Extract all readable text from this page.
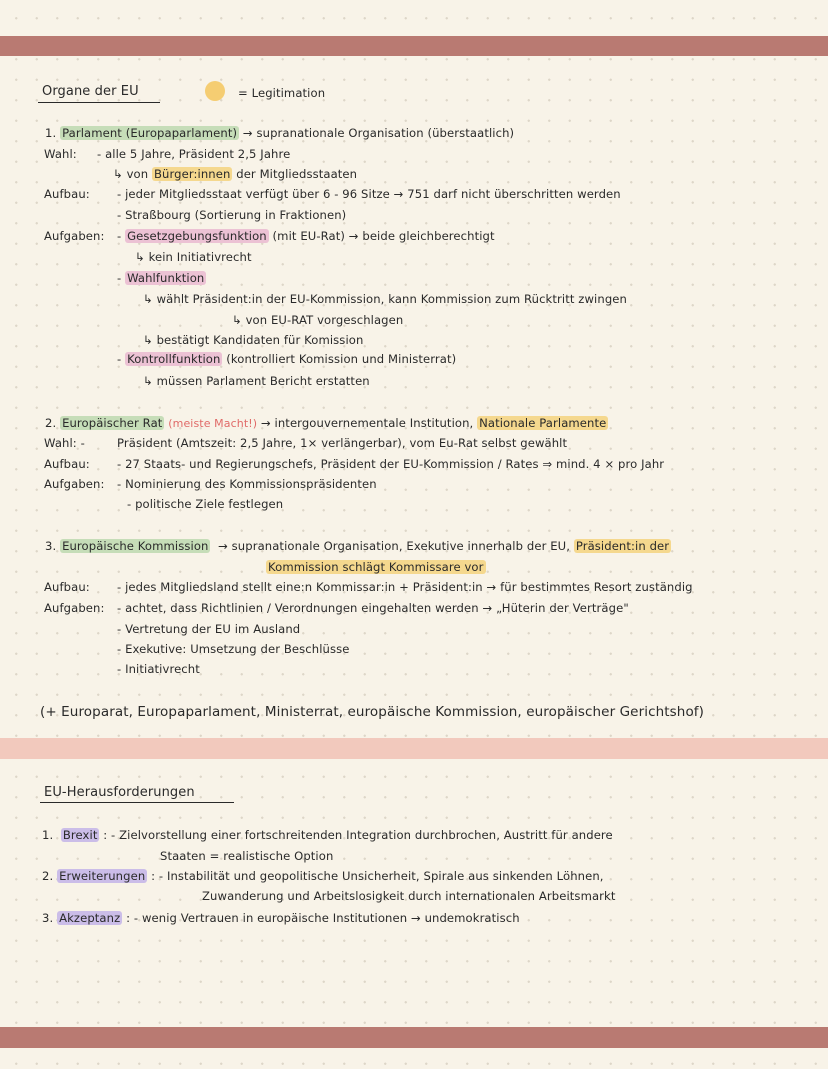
Organe der EU	= Legitimation
1. Parlament (Europaparlament) → supranationale Organisation (überstaatlich)
Wahl: - alle 5 Jahre, Präsident 2,5 Jahre
↳ von Bürger:innen der Mitgliedsstaaten
Aufbau: - jeder Mitgliedsstaat verfügt über 6 - 96 Sitze → 751 darf nicht überschritten werden
- Straßbourg (Sortierung in Fraktionen)
Aufgaben: - Gesetzgebungsfunktion (mit EU-Rat) → beide gleichberechtigt
↳ kein Initiativrecht
- Wahlfunktion
↳ wählt Präsident:in der EU-Kommission, kann Kommission zum Rücktritt zwingen
↳ von EU-RAT vorgeschlagen
↳ bestätigt Kandidaten für Komission
- Kontrollfunktion (kontrolliert Komission und Ministerrat)
↳ müssen Parlament Bericht erstatten
2. Europäischer Rat (meiste Macht!) → intergouvernementale Institution, Nationale Parlamente
Wahl: -	Präsident (Amtszeit: 2,5 Jahre, 1× verlängerbar), vom Eu-Rat selbst gewählt
Aufbau: - 27 Staats- und Regierungschefs, Präsident der EU-Kommission / Rates ⇒ mind. 4 × pro Jahr
Aufgaben: - Nominierung des Kommissionspräsidenten
- politische Ziele festlegen
3. Europäische Kommission → supranationale Organisation, Exekutive innerhalb der EU, Präsident:in der
Kommission schlägt Kommissare vor
Aufbau: - jedes Mitgliedsland stellt eine:n Kommissar:in + Präsident:in → für bestimmtes Resort zuständig
Aufgaben: - achtet, dass Richtlinien / Verordnungen eingehalten werden → „Hüterin der Verträge"
- Vertretung der EU im Ausland
- Exekutive: Umsetzung der Beschlüsse
- Initiativrecht
(+ Europarat, Europaparlament, Ministerrat, europäische Kommission, europäischer Gerichtshof)
EU-Herausforderungen
1. Brexit : - Zielvorstellung einer fortschreitenden Integration durchbrochen, Austritt für andere
Staaten = realistische Option
2. Erweiterungen : - Instabilität und geopolitische Unsicherheit, Spirale aus sinkenden Löhnen,
Zuwanderung und Arbeitslosigkeit durch internationalen Arbeitsmarkt
3. Akzeptanz : - wenig Vertrauen in europäische Institutionen → undemokratisch
